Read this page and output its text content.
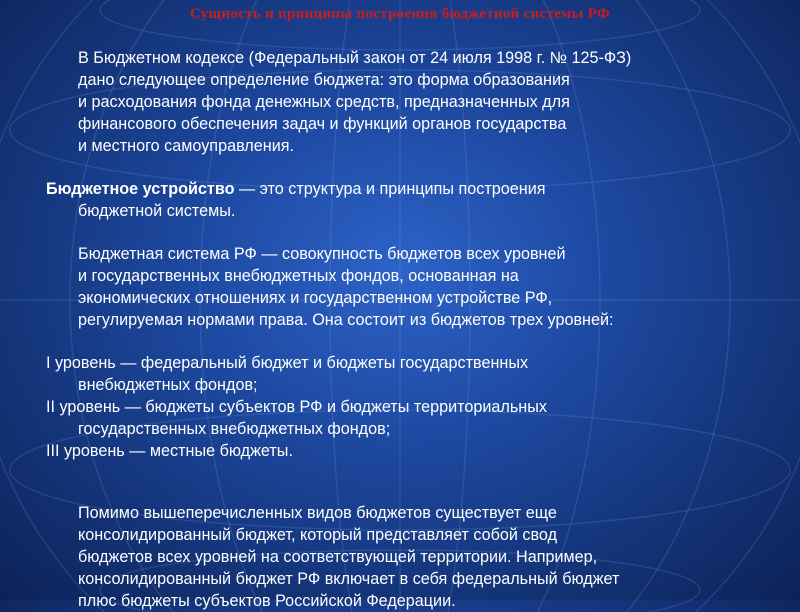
Сущность и принципы построения бюджетной системы РФ
В Бюджетном кодексе (Федеральный закон от 24 июля 1998 г. № 125-ФЗ)
дано следующее определение бюджета: это форма образования
и расходования фонда денежных средств, предназначенных для
финансового обеспечения задач и функций органов государства
и местного самоуправления.
Бюджетное устройство — это структура и принципы построения
бюджетной системы.
Бюджетная система РФ — совокупность бюджетов всех уровней
и государственных внебюджетных фондов, основанная на
экономических отношениях и государственном устройстве РФ,
регулируемая нормами права. Она состоит из бюджетов трех уровней:
I уровень — федеральный бюджет и бюджеты государственных
внебюджетных фондов;
II уровень — бюджеты субъектов РФ и бюджеты территориальных
государственных внебюджетных фондов;
III уровень — местные бюджеты.
Помимо вышеперечисленных видов бюджетов существует еще
консолидированный бюджет, который представляет собой свод
бюджетов всех уровней на соответствующей территории. Например,
консолидированный бюджет РФ включает в себя федеральный бюджет
плюс бюджеты субъектов Российской Федерации.
